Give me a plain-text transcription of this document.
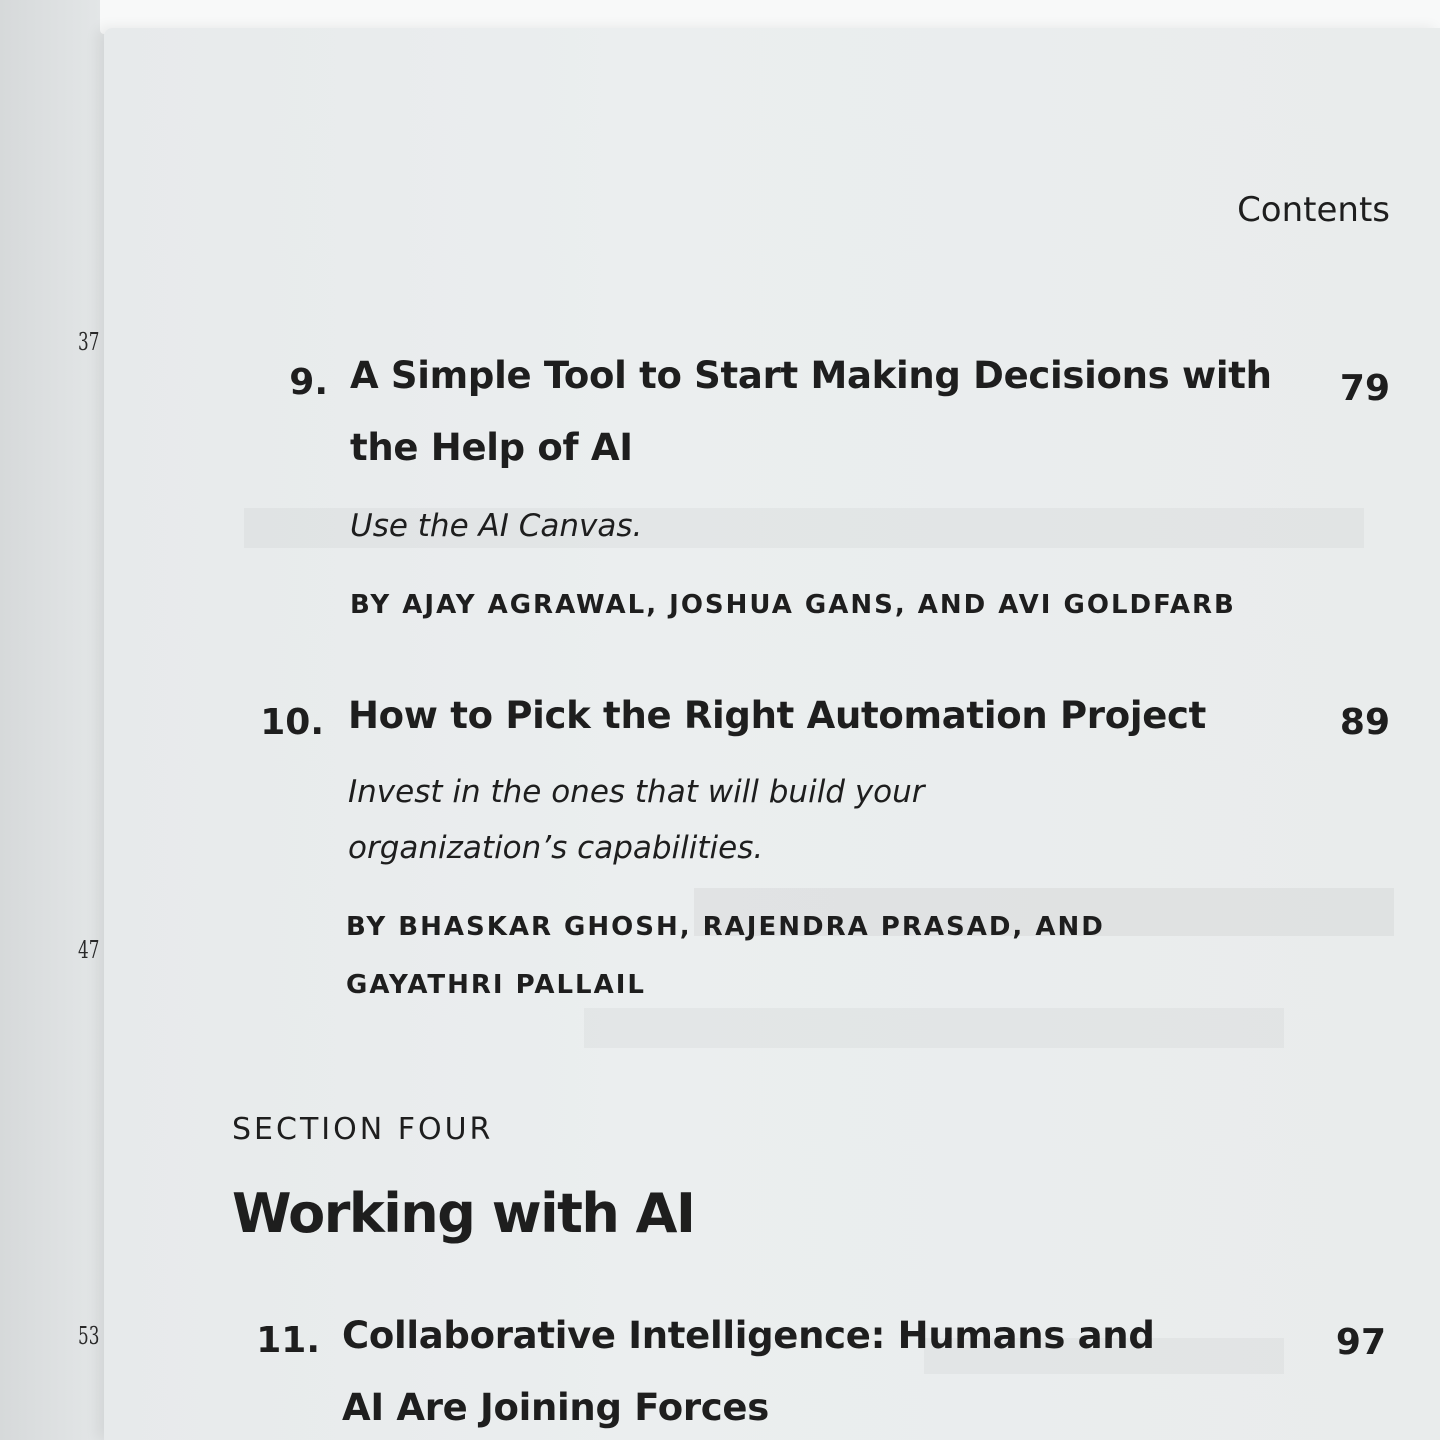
37
47
53
Contents
9. A Simple Tool to Start Making Decisions with
the Help of AI
Use the AI Canvas.
BY AJAY AGRAWAL, JOSHUA GANS, AND AVI GOLDFARB
79
10. How to Pick the Right Automation Project
Invest in the ones that will build your
organization’s capabilities.
BY BHASKAR GHOSH, RAJENDRA PRASAD, AND
GAYATHRI PALLAIL
89
SECTION FOUR
Working with AI
11. Collaborative Intelligence: Humans and
AI Are Joining Forces
97
